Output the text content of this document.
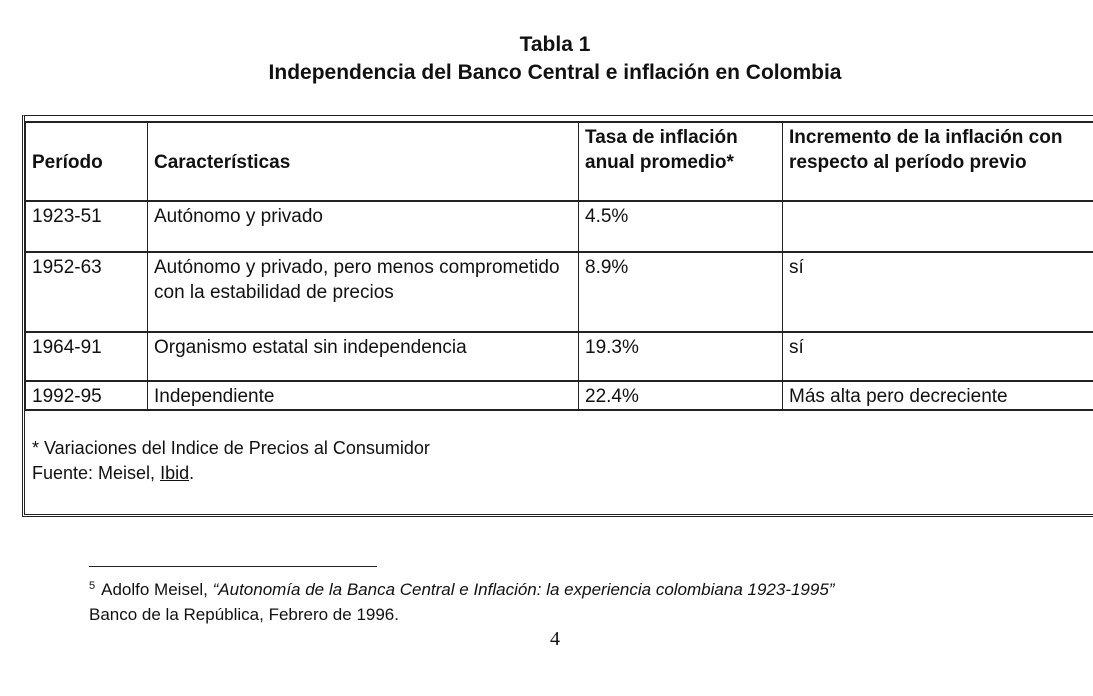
Tabla 1
Independencia del Banco Central e inflación en Colombia
Período	Características	Tasa de inflación anual promedio*	Incremento de la inflación con respecto al período previo
1923-51	Autónomo y privado	4.5%	
1952-63	Autónomo y privado, pero menos comprometido con la estabilidad de precios	8.9%	sí
1964-91	Organismo estatal sin independencia	19.3%	sí
1992-95	Independiente	22.4%	Más alta pero decreciente
* Variaciones del Indice de Precios al Consumidor
Fuente: Meisel, Ibid.
$^5$ Adolfo Meisel, “Autonomía de la Banca Central e Inflación: la experiencia colombiana 1923-1995”
Banco de la República, Febrero de 1996.
4
